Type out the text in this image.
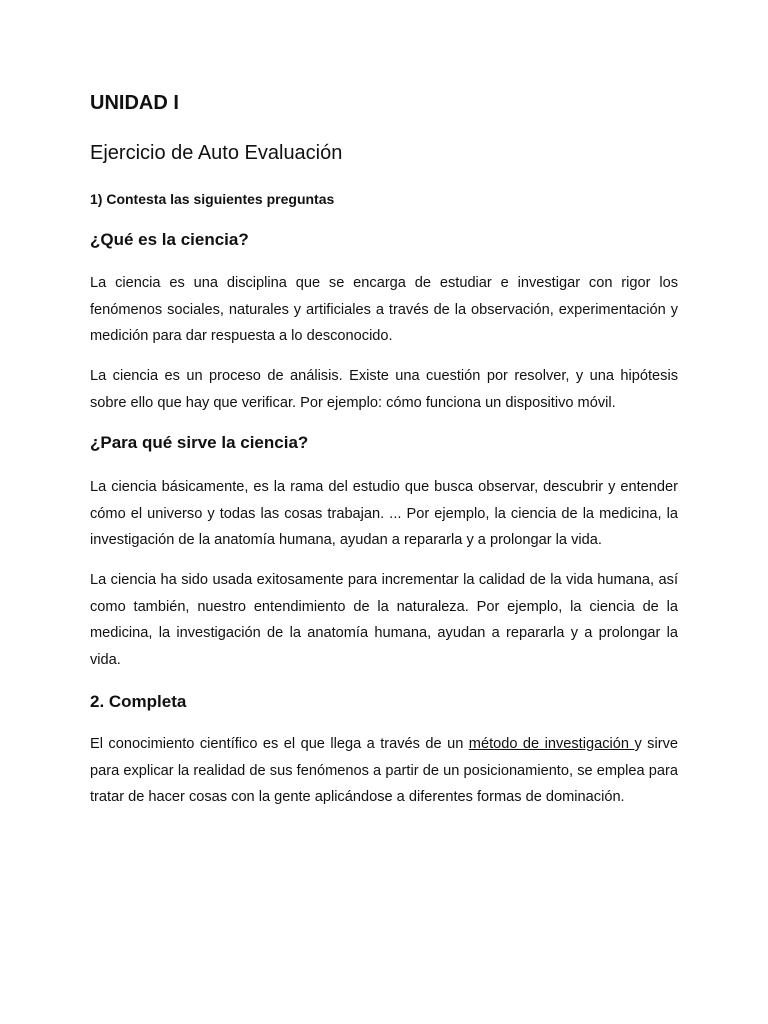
UNIDAD I
Ejercicio de Auto Evaluación

1) Contesta las siguientes preguntas

¿Qué es la ciencia?

La ciencia es una disciplina que se encarga de estudiar e investigar con rigor los fenómenos sociales, naturales y artificiales a través de la observación, experimentación y medición para dar respuesta a lo desconocido.

La ciencia es un proceso de análisis. Existe una cuestión por resolver, y una hipótesis sobre ello que hay que verificar. Por ejemplo: cómo funciona un dispositivo móvil.

¿Para qué sirve la ciencia?

La ciencia básicamente, es la rama del estudio que busca observar, descubrir y entender cómo el universo y todas las cosas trabajan. ... Por ejemplo, la ciencia de la medicina, la investigación de la anatomía humana, ayudan a repararla y a prolongar la vida.

La ciencia ha sido usada exitosamente para incrementar la calidad de la vida humana, así como también, nuestro entendimiento de la naturaleza. Por ejemplo, la ciencia de la medicina, la investigación de la anatomía humana, ayudan a repararla y a prolongar la vida.

2. Completa

El conocimiento científico es el que llega a través de un método de investigación y sirve para explicar la realidad de sus fenómenos a partir de un posicionamiento, se emplea para tratar de hacer cosas con la gente aplicándose a diferentes formas de dominación.
